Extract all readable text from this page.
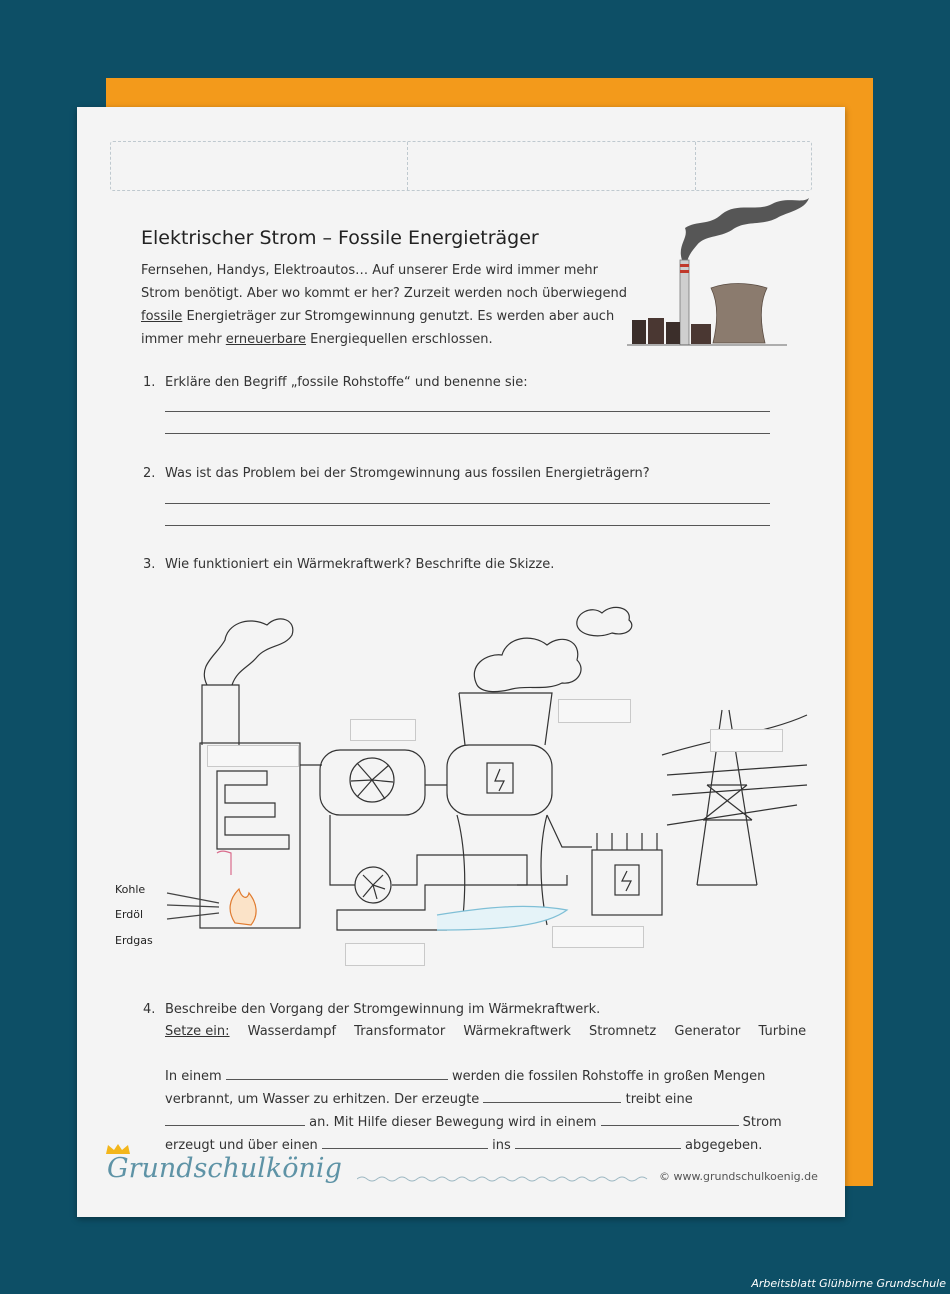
Elektrischer Strom – Fossile Energieträger
Fernsehen, Handys, Elektroautos… Auf unserer Erde wird immer mehr Strom benötigt. Aber wo kommt er her? Zurzeit werden noch überwiegend fossile Energieträger zur Stromgewinnung genutzt. Es werden aber auch immer mehr erneuerbare Energiequellen erschlossen.
1. Erkläre den Begriff „fossile Rohstoffe“ und benenne sie:
2. Was ist das Problem bei der Stromgewinnung aus fossilen Energieträgern?
3. Wie funktioniert ein Wärmekraftwerk? Beschrifte die Skizze.
Kohle
Erdöl
Erdgas
4. Beschreibe den Vorgang der Stromgewinnung im Wärmekraftwerk.
Setze ein: Wasserdampf Transformator Wärmekraftwerk Stromnetz Generator Turbine
In einem	werden die fossilen Rohstoffe in großen Mengen verbrannt, um Wasser zu erhitzen. Der erzeugte	treibt eine  an. Mit Hilfe dieser Bewegung wird in einem	Strom erzeugt und über einen	ins	abgegeben.
Grundschulkönig	© www.grundschulkoenig.de
Arbeitsblatt Glühbirne Grundschule
